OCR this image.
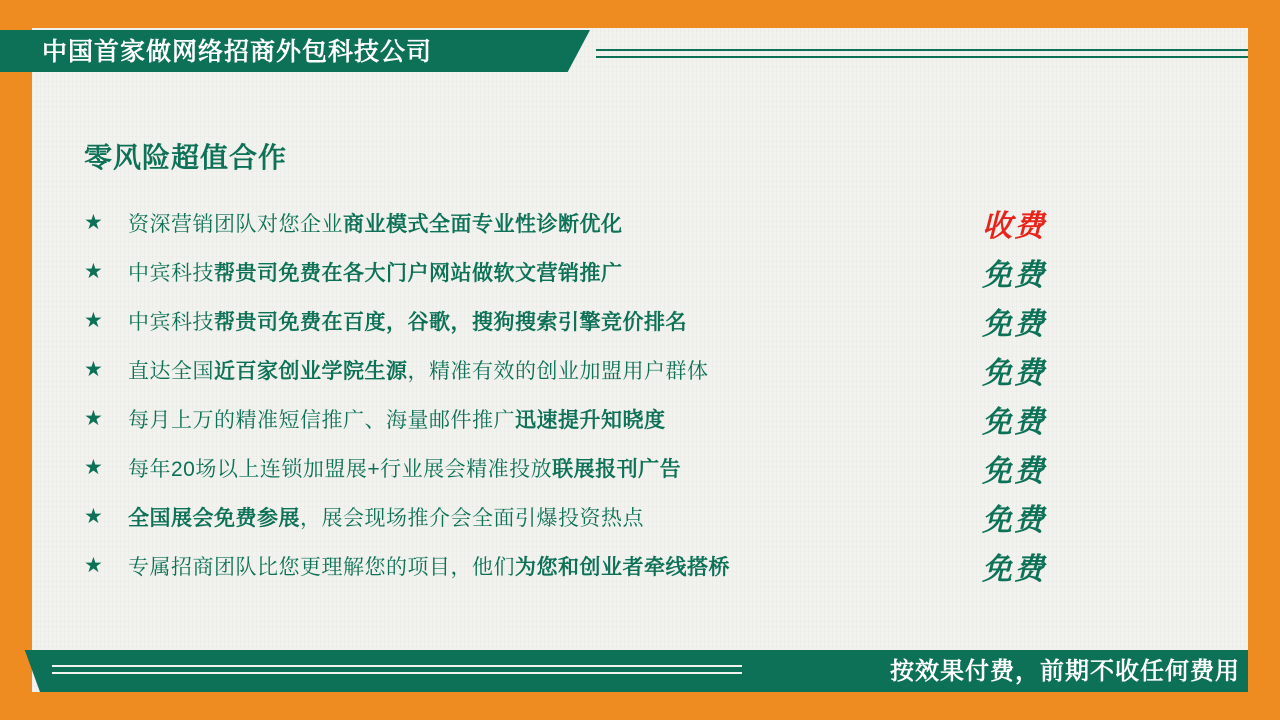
中国首家做网络招商外包科技公司
零风险超值合作
★	资深营销团队对您企业商业模式全面专业性诊断优化	收费
★	中宾科技帮贵司免费在各大门户网站做软文营销推广	免费
★	中宾科技帮贵司免费在百度，谷歌，搜狗搜索引擎竞价排名	免费
★	直达全国近百家创业学院生源，精准有效的创业加盟用户群体	免费
★	每月上万的精准短信推广、海量邮件推广迅速提升知晓度	免费
★	每年20场以上连锁加盟展+行业展会精准投放联展报刊广告	免费
★	全国展会免费参展，展会现场推介会全面引爆投资热点	免费
★	专属招商团队比您更理解您的项目，他们为您和创业者牵线搭桥	免费
按效果付费，前期不收任何费用
